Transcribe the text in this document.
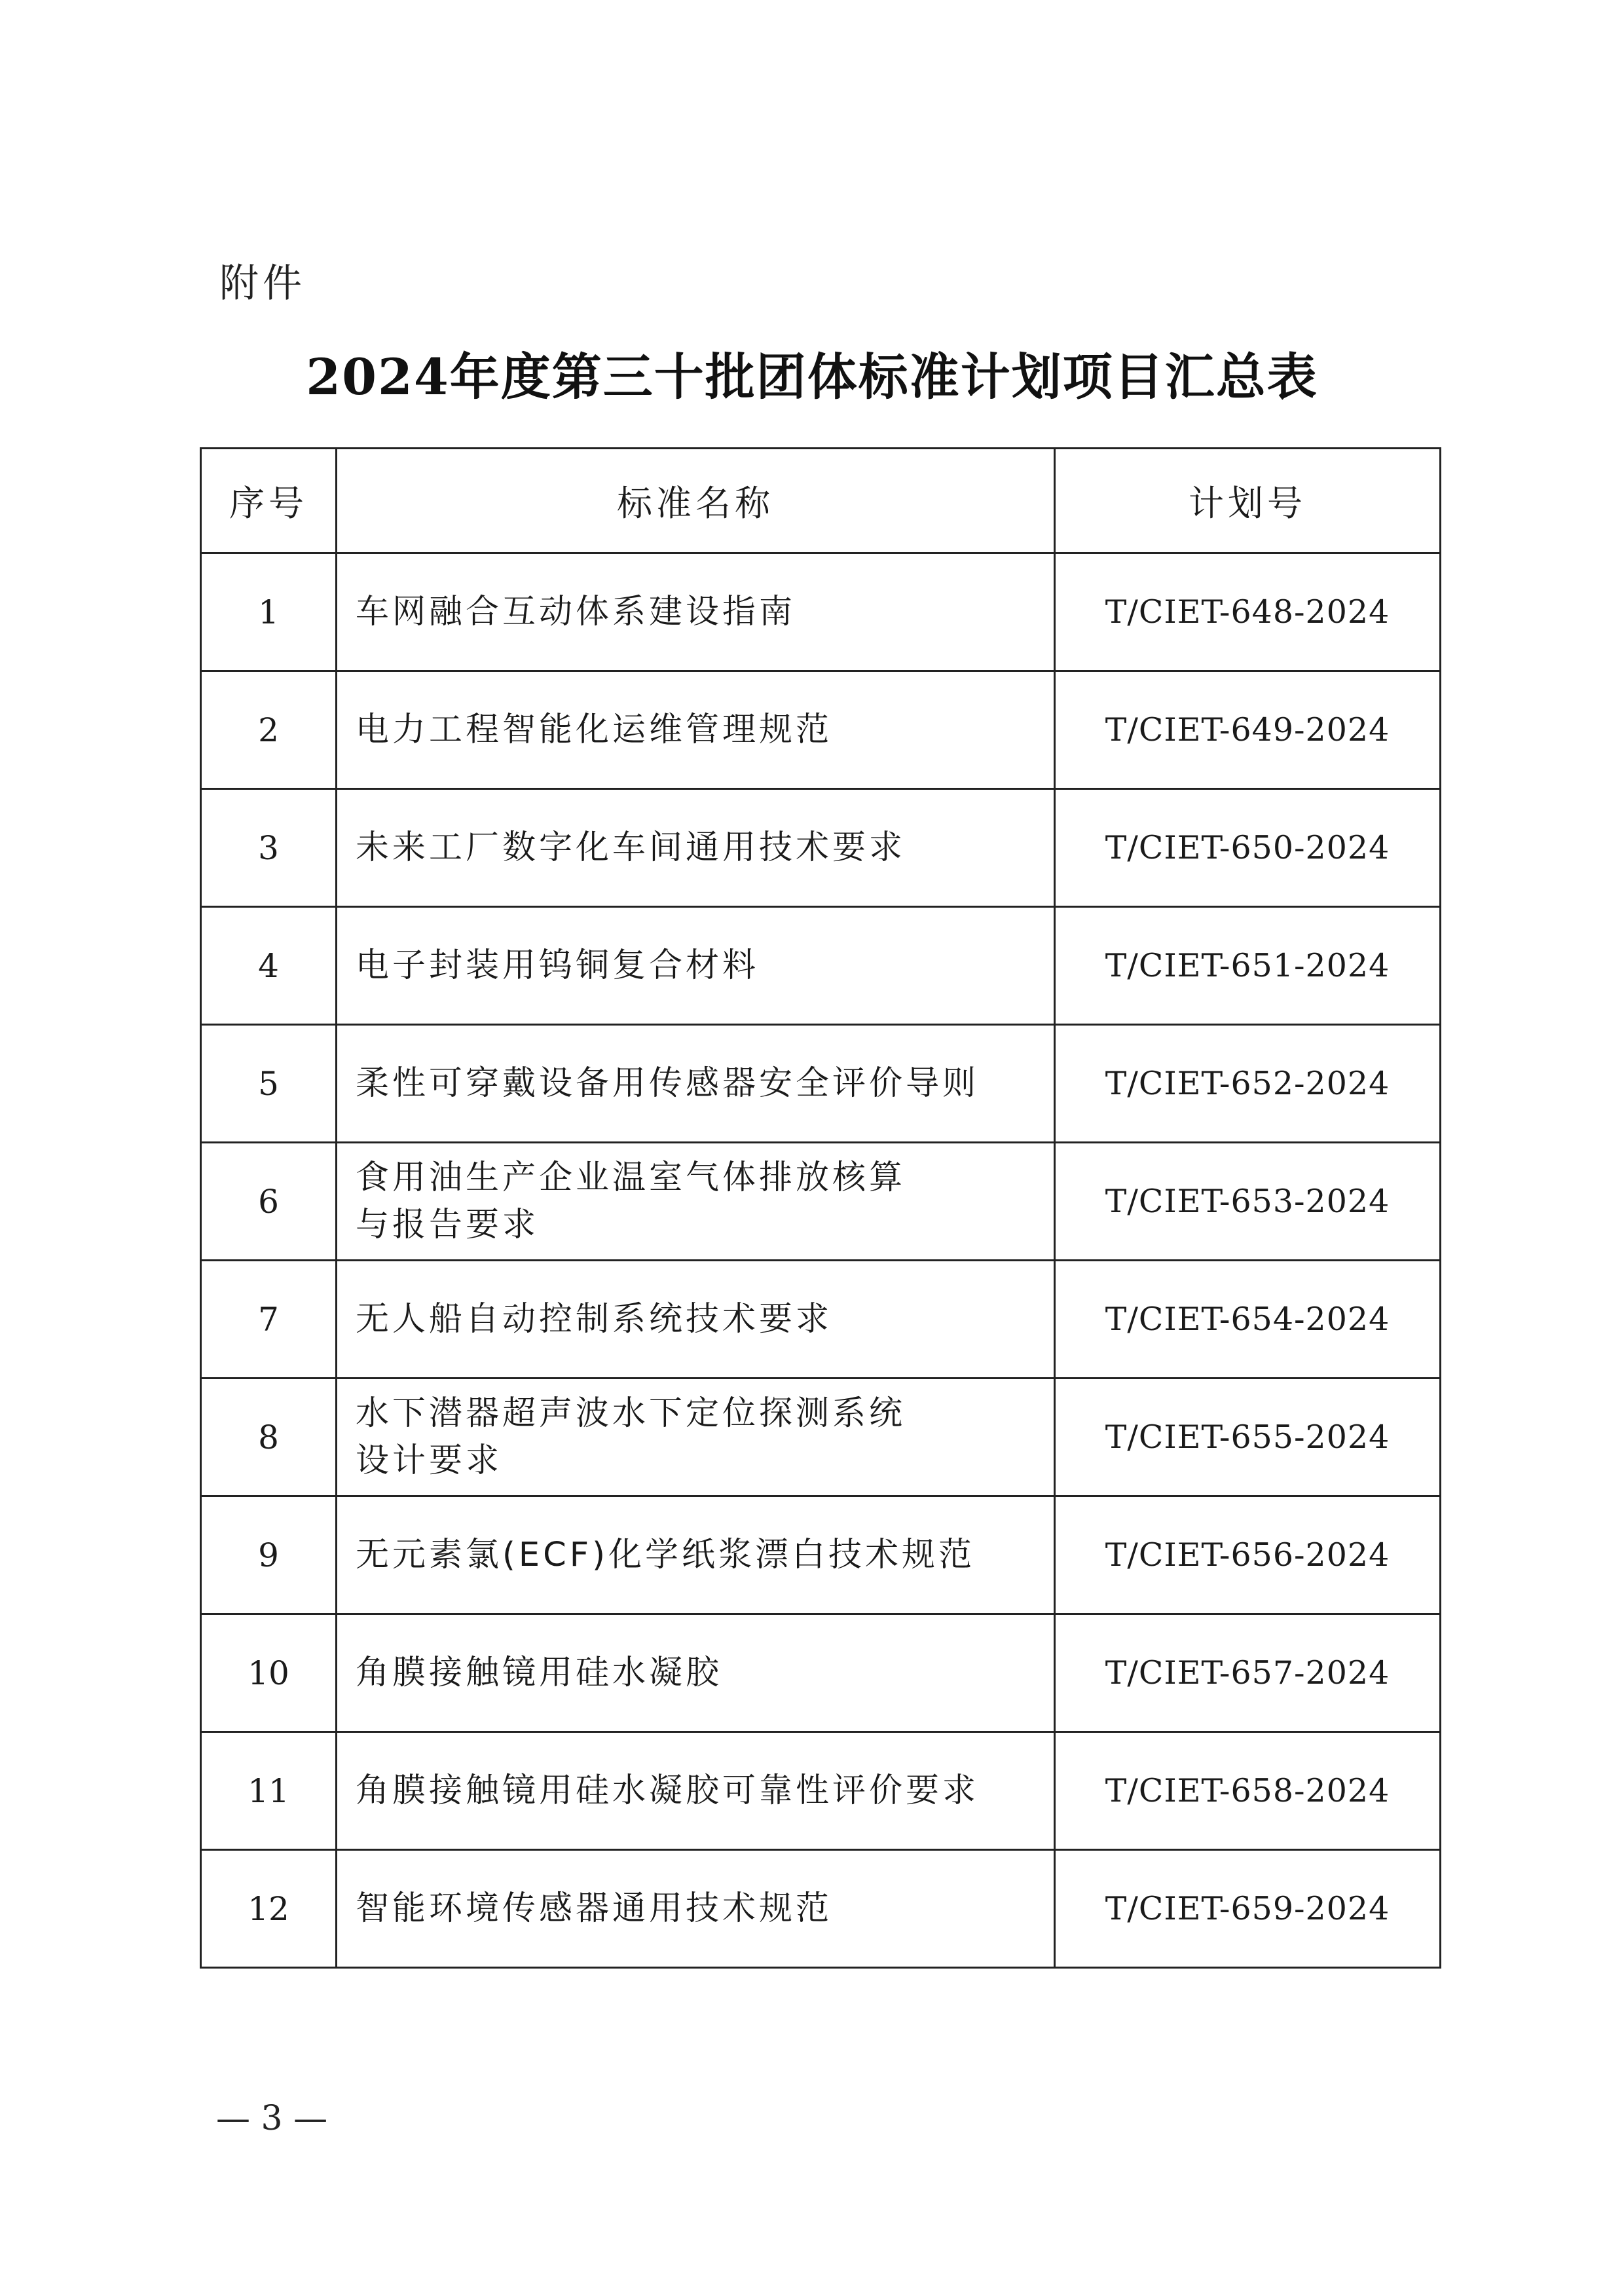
附件
2024年度第三十批团体标准计划项目汇总表
序号	标准名称	计划号
1	车网融合互动体系建设指南	T/CIET-648-2024
2	电力工程智能化运维管理规范	T/CIET-649-2024
3	未来工厂数字化车间通用技术要求	T/CIET-650-2024
4	电子封装用钨铜复合材料	T/CIET-651-2024
5	柔性可穿戴设备用传感器安全评价导则	T/CIET-652-2024
6	食用油生产企业温室气体排放核算
与报告要求	T/CIET-653-2024
7	无人船自动控制系统技术要求	T/CIET-654-2024
8	水下潜器超声波水下定位探测系统
设计要求	T/CIET-655-2024
9	无元素氯(ECF)化学纸浆漂白技术规范	T/CIET-656-2024
10	角膜接触镜用硅水凝胶	T/CIET-657-2024
11	角膜接触镜用硅水凝胶可靠性评价要求	T/CIET-658-2024
12	智能环境传感器通用技术规范	T/CIET-659-2024
— 3 —
